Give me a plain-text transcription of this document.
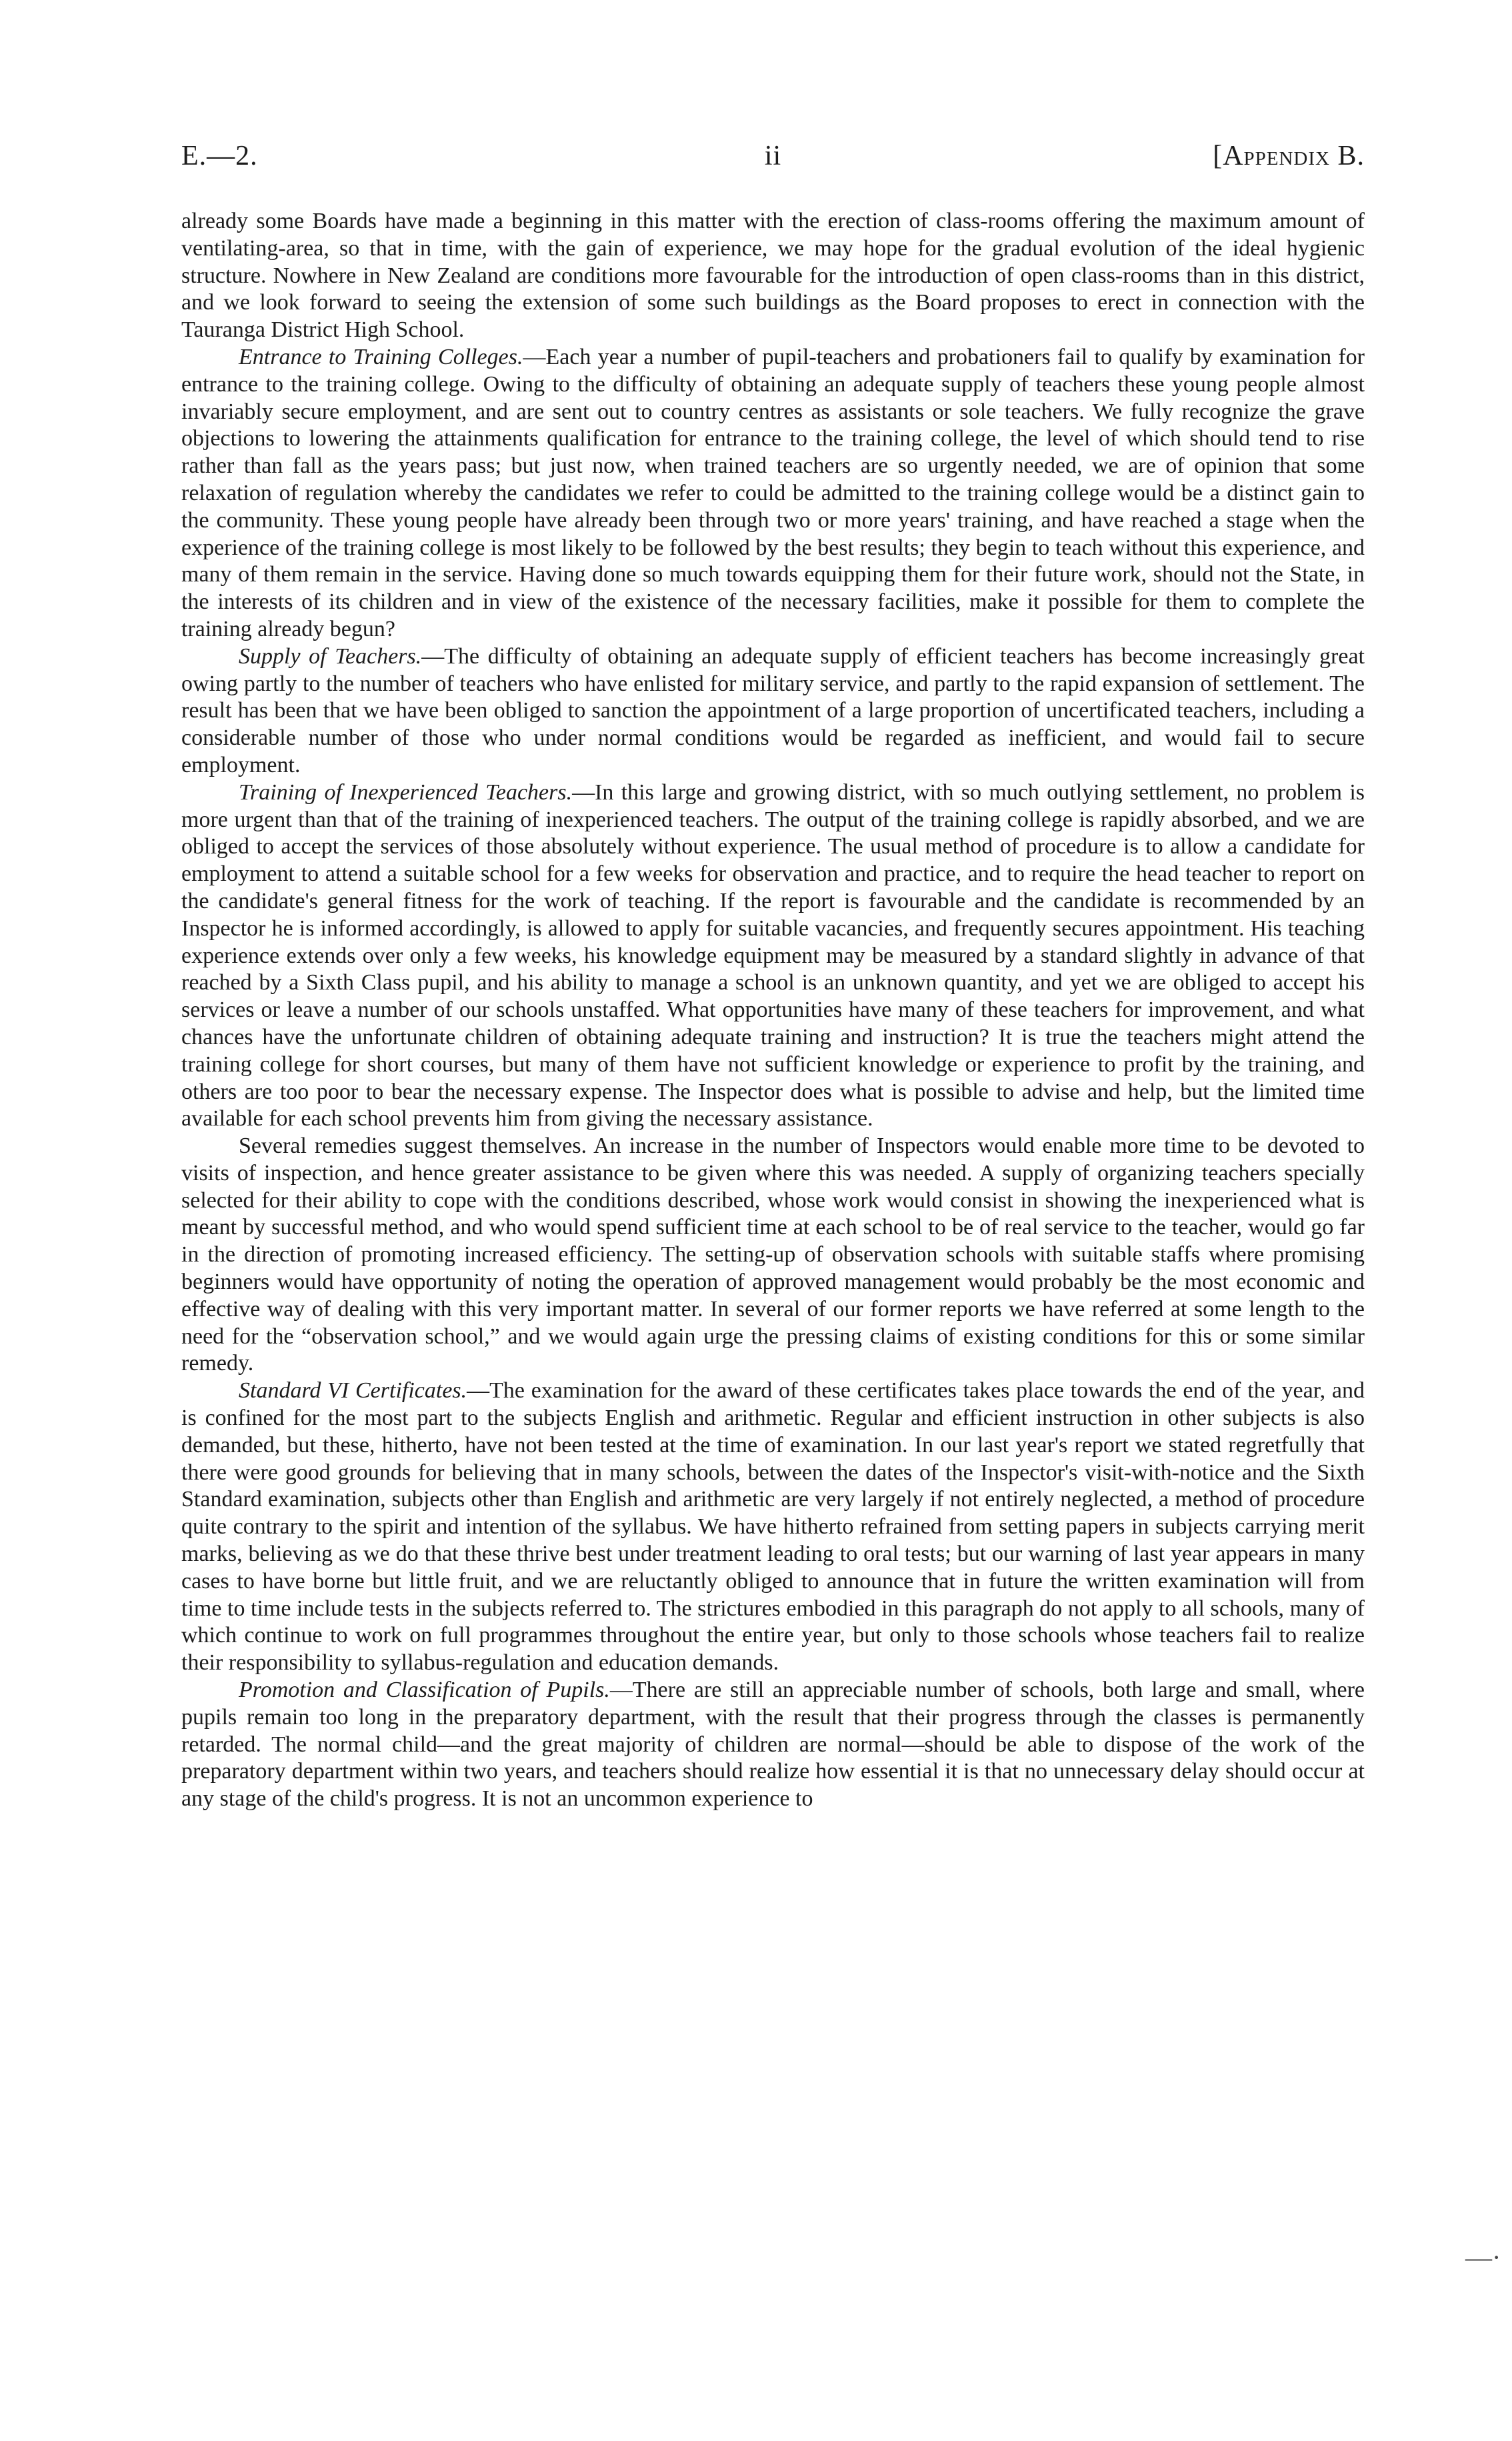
E.—2.	ii	[Appendix B.

already some Boards have made a beginning in this matter with the erection of class-rooms offering the maximum amount of ventilating-area, so that in time, with the gain of experience, we may hope for the gradual evolution of the ideal hygienic structure. Nowhere in New Zealand are conditions more favourable for the introduction of open class-rooms than in this district, and we look forward to seeing the extension of some such buildings as the Board proposes to erect in connection with the Tauranga District High School.

Entrance to Training Colleges.—Each year a number of pupil-teachers and probationers fail to qualify by examination for entrance to the training college. Owing to the difficulty of obtaining an adequate supply of teachers these young people almost invariably secure employment, and are sent out to country centres as assistants or sole teachers. We fully recognize the grave objections to lowering the attainments qualification for entrance to the training college, the level of which should tend to rise rather than fall as the years pass; but just now, when trained teachers are so urgently needed, we are of opinion that some relaxation of regulation whereby the candidates we refer to could be admitted to the training college would be a distinct gain to the community. These young people have already been through two or more years' training, and have reached a stage when the experience of the training college is most likely to be followed by the best results; they begin to teach without this experience, and many of them remain in the service. Having done so much towards equipping them for their future work, should not the State, in the interests of its children and in view of the existence of the necessary facilities, make it possible for them to complete the training already begun?

Supply of Teachers.—The difficulty of obtaining an adequate supply of efficient teachers has become increasingly great owing partly to the number of teachers who have enlisted for military service, and partly to the rapid expansion of settlement. The result has been that we have been obliged to sanction the appointment of a large proportion of uncertificated teachers, including a considerable number of those who under normal conditions would be regarded as inefficient, and would fail to secure employment.

Training of Inexperienced Teachers.—In this large and growing district, with so much outlying settlement, no problem is more urgent than that of the training of inexperienced teachers. The output of the training college is rapidly absorbed, and we are obliged to accept the services of those absolutely without experience. The usual method of procedure is to allow a candidate for employment to attend a suitable school for a few weeks for observation and practice, and to require the head teacher to report on the candidate's general fitness for the work of teaching. If the report is favourable and the candidate is recommended by an Inspector he is informed accordingly, is allowed to apply for suitable vacancies, and frequently secures appointment. His teaching experience extends over only a few weeks, his knowledge equipment may be measured by a standard slightly in advance of that reached by a Sixth Class pupil, and his ability to manage a school is an unknown quantity, and yet we are obliged to accept his services or leave a number of our schools unstaffed. What opportunities have many of these teachers for improvement, and what chances have the unfortunate children of obtaining adequate training and instruction? It is true the teachers might attend the training college for short courses, but many of them have not sufficient knowledge or experience to profit by the training, and others are too poor to bear the necessary expense. The Inspector does what is possible to advise and help, but the limited time available for each school prevents him from giving the necessary assistance.

Several remedies suggest themselves. An increase in the number of Inspectors would enable more time to be devoted to visits of inspection, and hence greater assistance to be given where this was needed. A supply of organizing teachers specially selected for their ability to cope with the conditions described, whose work would consist in showing the inexperienced what is meant by successful method, and who would spend sufficient time at each school to be of real service to the teacher, would go far in the direction of promoting increased efficiency. The setting-up of observation schools with suitable staffs where promising beginners would have opportunity of noting the operation of approved management would probably be the most economic and effective way of dealing with this very important matter. In several of our former reports we have referred at some length to the need for the “observation school,” and we would again urge the pressing claims of existing conditions for this or some similar remedy.

Standard VI Certificates.—The examination for the award of these certificates takes place towards the end of the year, and is confined for the most part to the subjects English and arithmetic. Regular and efficient instruction in other subjects is also demanded, but these, hitherto, have not been tested at the time of examination. In our last year's report we stated regretfully that there were good grounds for believing that in many schools, between the dates of the Inspector's visit-with-notice and the Sixth Standard examination, subjects other than English and arithmetic are very largely if not entirely neglected, a method of procedure quite contrary to the spirit and intention of the syllabus. We have hitherto refrained from setting papers in subjects carrying merit marks, believing as we do that these thrive best under treatment leading to oral tests; but our warning of last year appears in many cases to have borne but little fruit, and we are reluctantly obliged to announce that in future the written examination will from time to time include tests in the subjects referred to. The strictures embodied in this paragraph do not apply to all schools, many of which continue to work on full programmes throughout the entire year, but only to those schools whose teachers fail to realize their responsibility to syllabus-regulation and education demands.

Promotion and Classification of Pupils.—There are still an appreciable number of schools, both large and small, where pupils remain too long in the preparatory department, with the result that their progress through the classes is permanently retarded. The normal child—and the great majority of children are normal—should be able to dispose of the work of the preparatory department within two years, and teachers should realize how essential it is that no unnecessary delay should occur at any stage of the child's progress. It is not an uncommon experience to

—·
